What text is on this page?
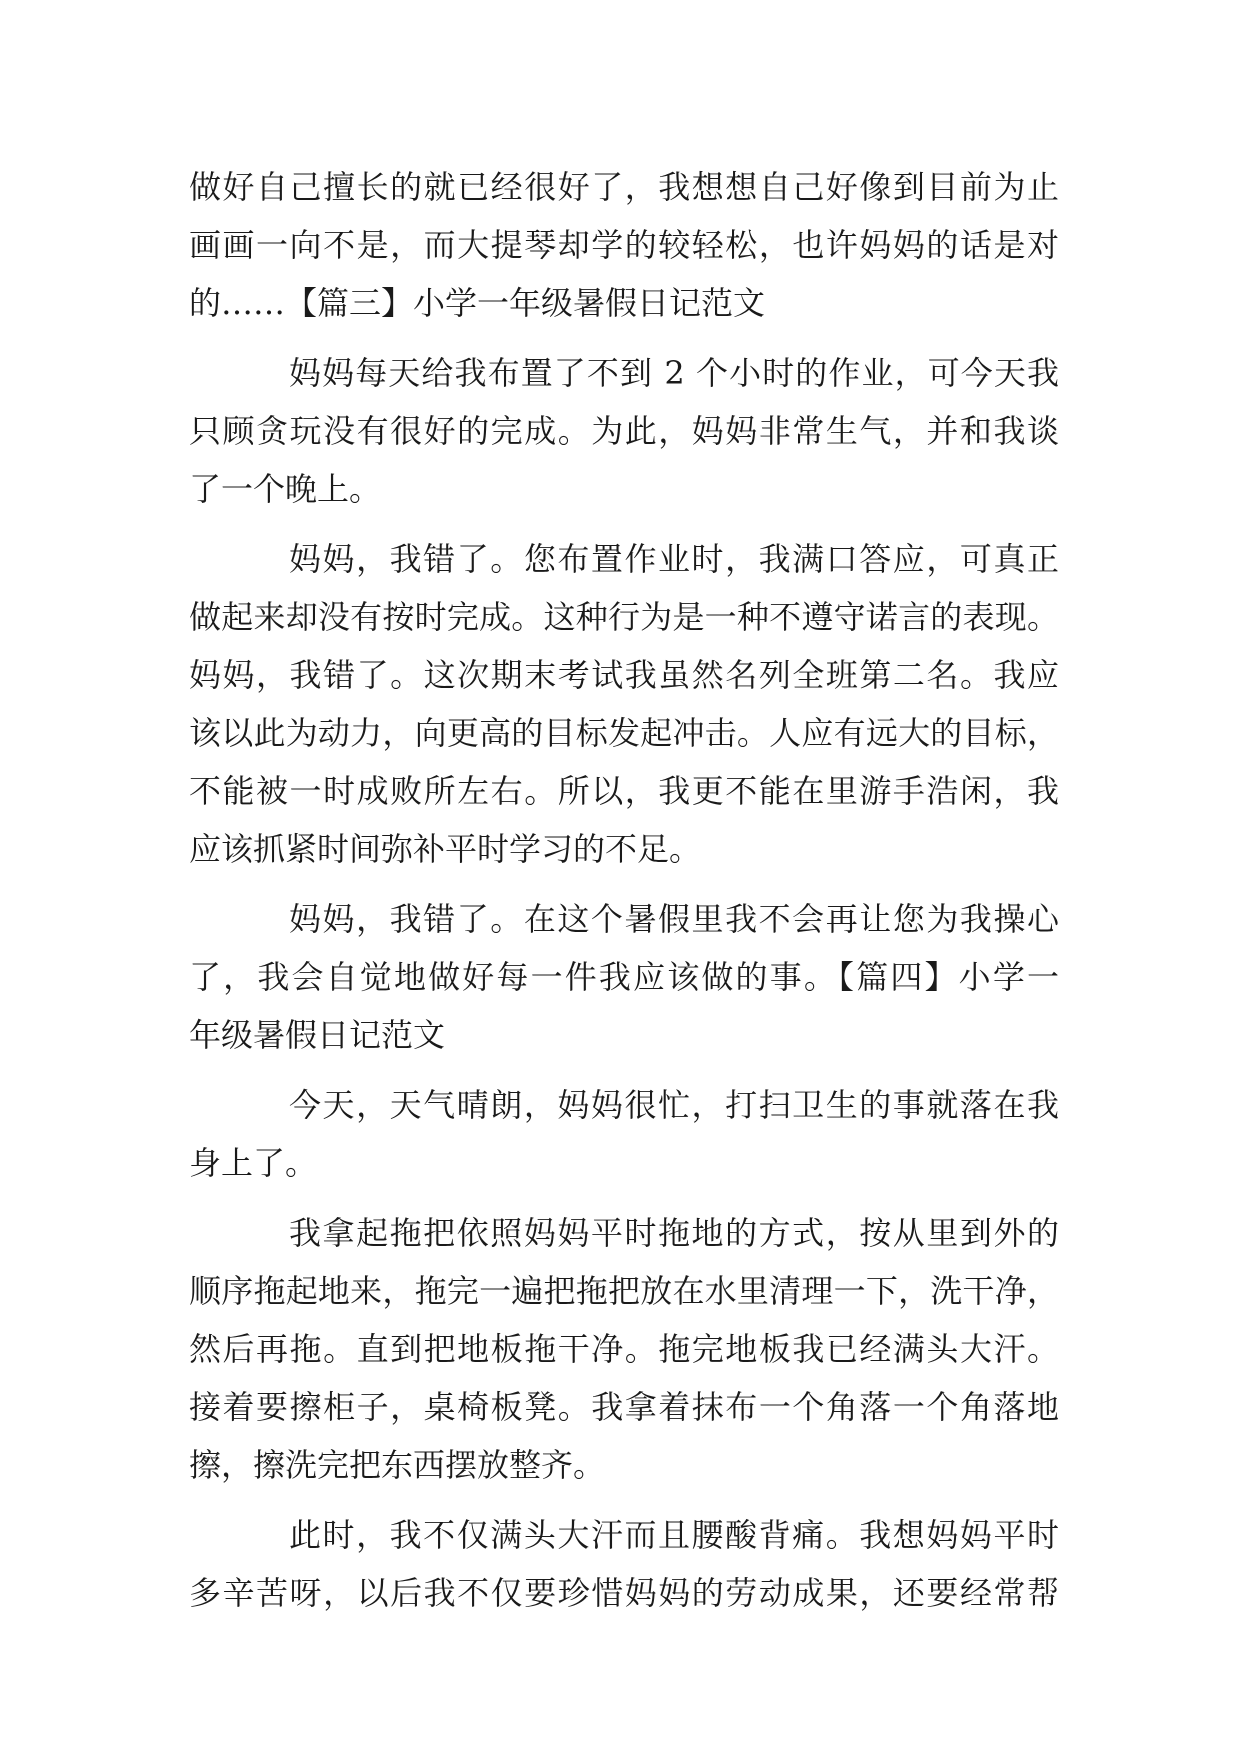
做好自己擅长的就已经很好了，我想想自己好像到目前为止
画画一向不是，而大提琴却学的较轻松，也许妈妈的话是对
的……【篇三】小学一年级暑假日记范文
妈妈每天给我布置了不到 2 个小时的作业，可今天我
只顾贪玩没有很好的完成。为此，妈妈非常生气，并和我谈
了一个晚上。
妈妈，我错了。您布置作业时，我满口答应，可真正
做起来却没有按时完成。这种行为是一种不遵守诺言的表现。
妈妈，我错了。这次期末考试我虽然名列全班第二名。我应
该以此为动力，向更高的目标发起冲击。人应有远大的目标，
不能被一时成败所左右。所以，我更不能在里游手浩闲，我
应该抓紧时间弥补平时学习的不足。
妈妈，我错了。在这个暑假里我不会再让您为我操心
了，我会自觉地做好每一件我应该做的事。【篇四】小学一
年级暑假日记范文
今天，天气晴朗，妈妈很忙，打扫卫生的事就落在我
身上了。
我拿起拖把依照妈妈平时拖地的方式，按从里到外的
顺序拖起地来，拖完一遍把拖把放在水里清理一下，洗干净，
然后再拖。直到把地板拖干净。拖完地板我已经满头大汗。
接着要擦柜子，桌椅板凳。我拿着抹布一个角落一个角落地
擦，擦洗完把东西摆放整齐。
此时，我不仅满头大汗而且腰酸背痛。我想妈妈平时
多辛苦呀，以后我不仅要珍惜妈妈的劳动成果，还要经常帮
